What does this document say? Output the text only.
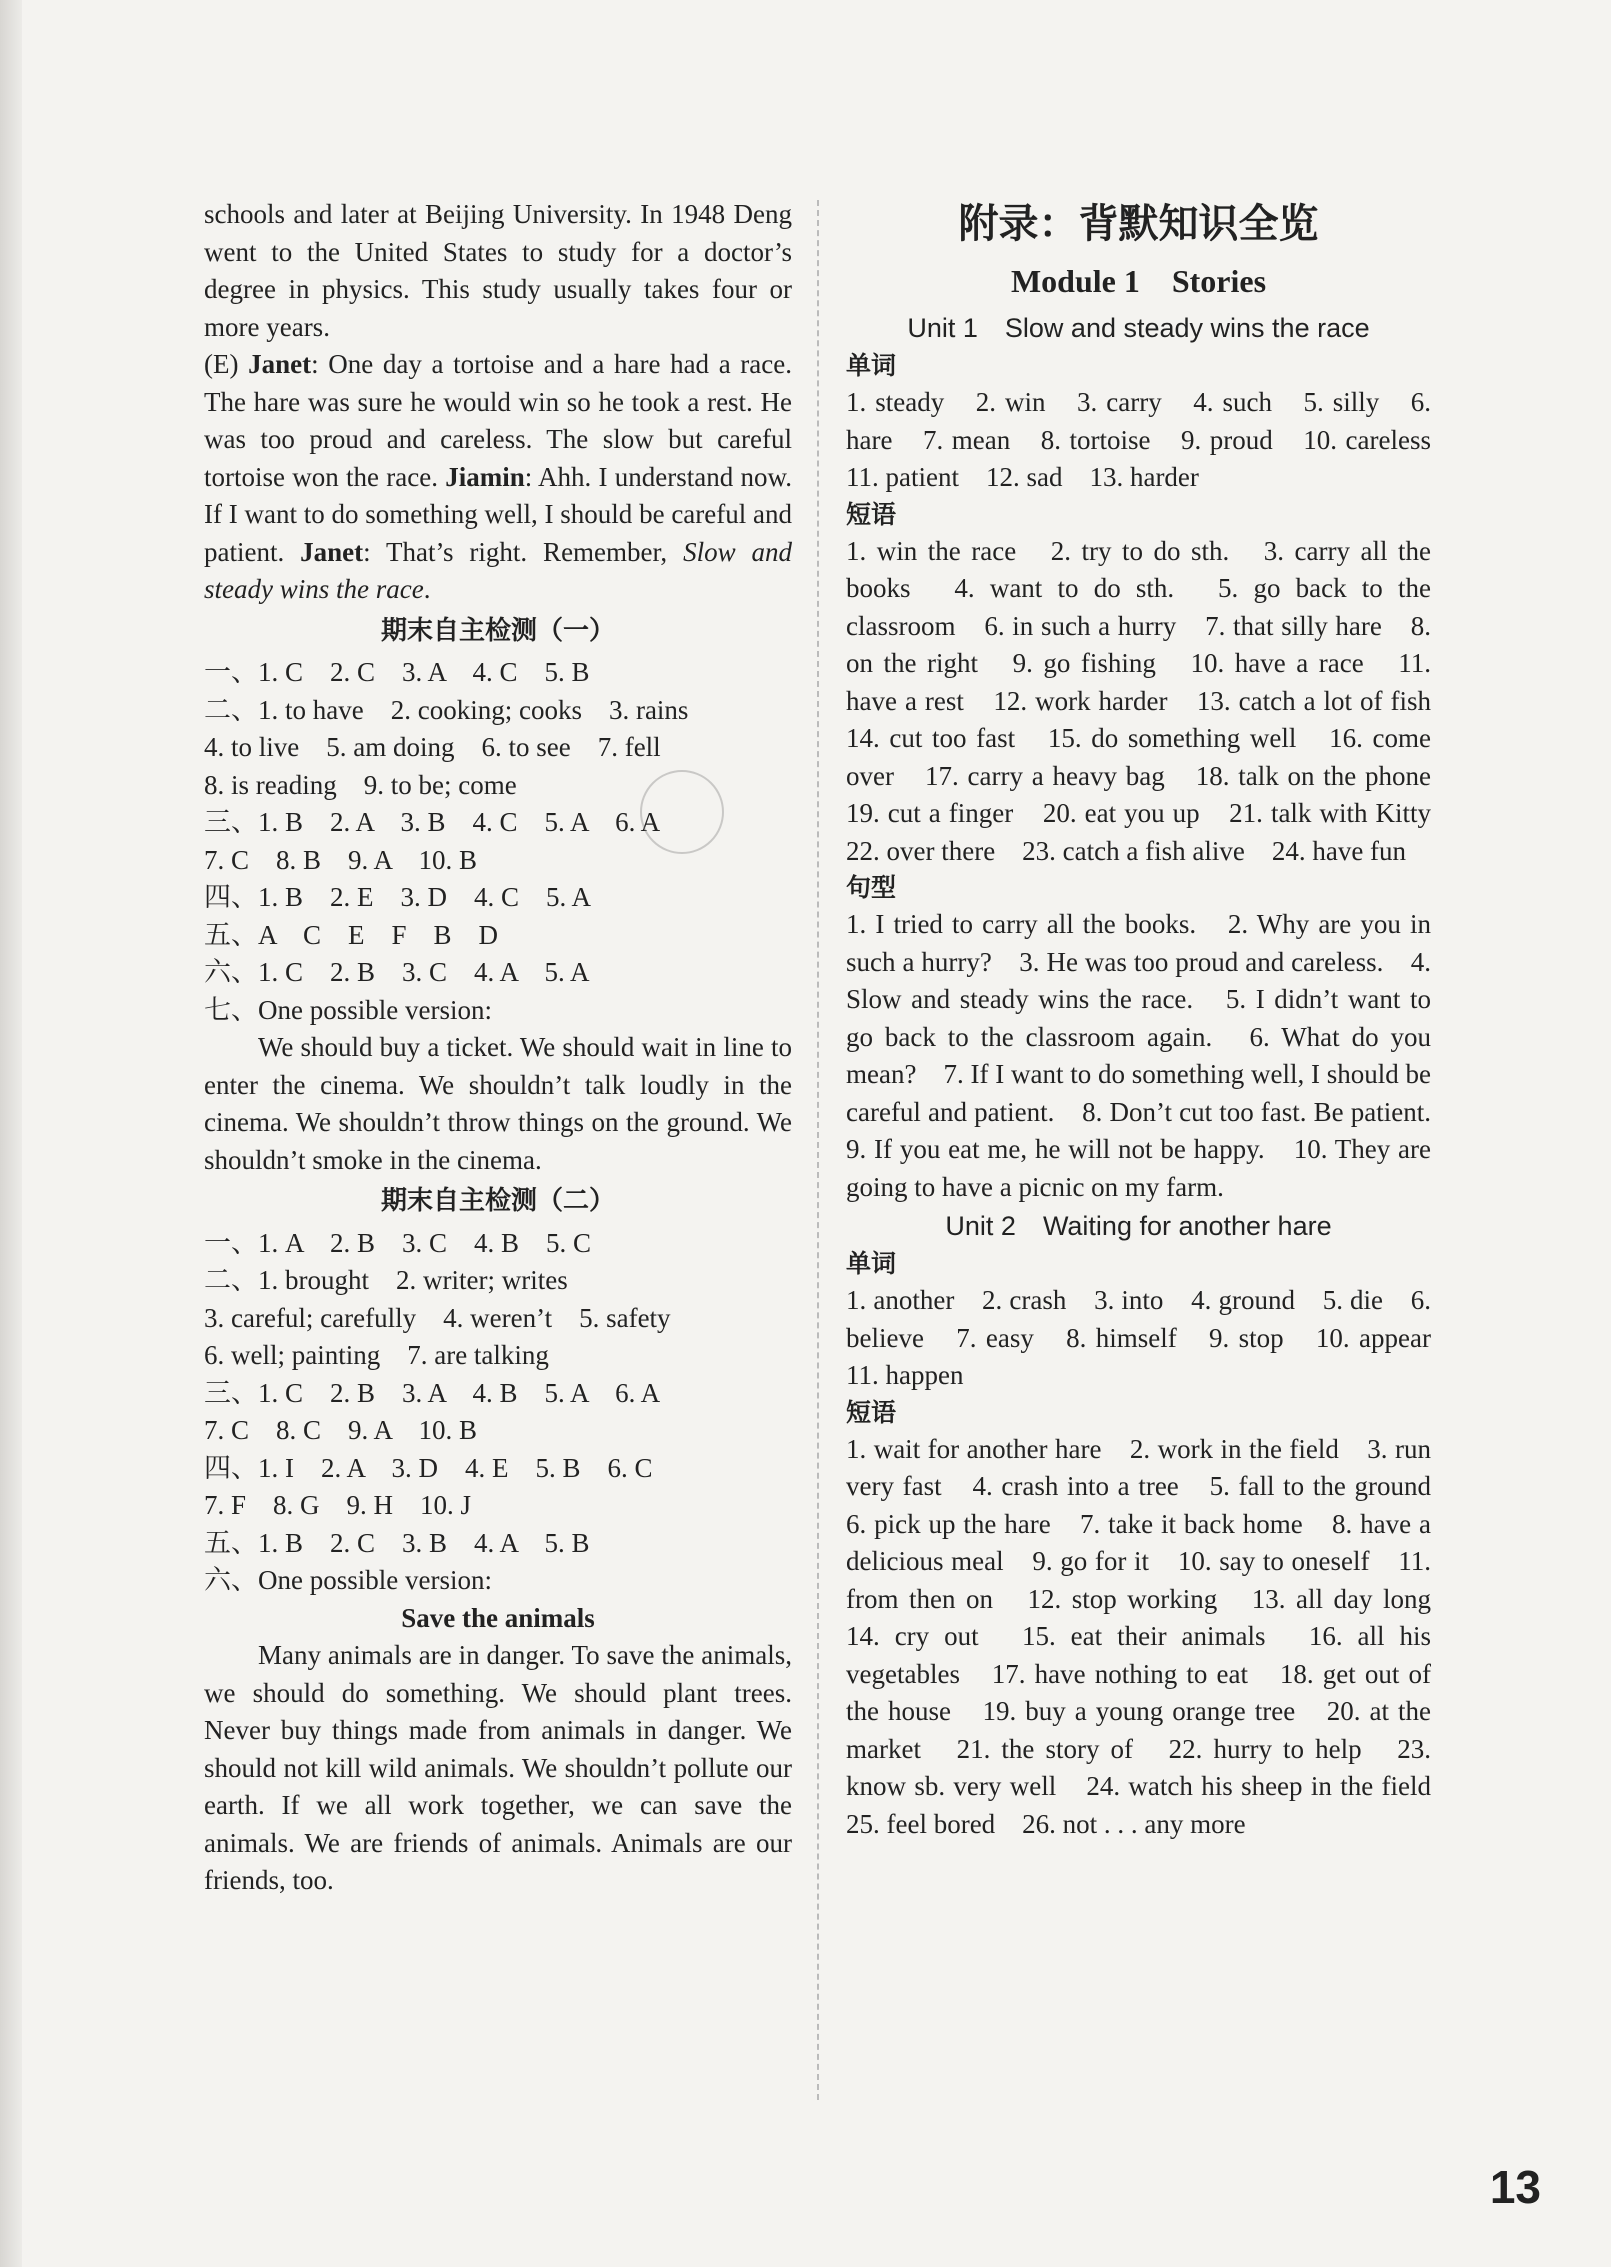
schools and later at Beijing University. In 1948 Deng went to the United States to study for a doctor’s degree in physics. This study usually takes four or more years.

(E) Janet: One day a tortoise and a hare had a race. The hare was sure he would win so he took a rest. He was too proud and careless. The slow but careful tortoise won the race. Jiamin: Ahh. I understand now. If I want to do something well, I should be careful and patient. Janet: That’s right. Remember, Slow and steady wins the race.

期末自主检测（一）
一、1. C　2. C　3. A　4. C　5. B
二、1. to have　2. cooking; cooks　3. rains
4. to live　5. am doing　6. to see　7. fell
8. is reading　9. to be; come
三、1. B　2. A　3. B　4. C　5. A　6. A
7. C　8. B　9. A　10. B
四、1. B　2. E　3. D　4. C　5. A
五、A　C　E　F　B　D
六、1. C　2. B　3. C　4. A　5. A
七、One possible version:

We should buy a ticket. We should wait in line to enter the cinema. We shouldn’t talk loudly in the cinema. We shouldn’t throw things on the ground. We shouldn’t smoke in the cinema.

期末自主检测（二）
一、1. A　2. B　3. C　4. B　5. C
二、1. brought　2. writer; writes
3. careful; carefully　4. weren’t　5. safety
6. well; painting　7. are talking
三、1. C　2. B　3. A　4. B　5. A　6. A
7. C　8. C　9. A　10. B
四、1. I　2. A　3. D　4. E　5. B　6. C
7. F　8. G　9. H　10. J
五、1. B　2. C　3. B　4. A　5. B
六、One possible version:

Save the animals

Many animals are in danger. To save the animals, we should do something. We should plant trees. Never buy things made from animals in danger. We should not kill wild animals. We shouldn’t pollute our earth. If we all work together, we can save the animals. We are friends of animals. Animals are our friends, too.

附录：背默知识全览
Module 1　Stories
Unit 1　Slow and steady wins the race
单词

1. steady　2. win　3. carry　4. such　5. silly　6. hare　7. mean　8. tortoise　9. proud　10. careless　11. patient　12. sad　13. harder

短语

1. win the race　2. try to do sth.　3. carry all the books　4. want to do sth.　5. go back to the classroom　6. in such a hurry　7. that silly hare　8. on the right　9. go fishing　10. have a race　11. have a rest　12. work harder　13. catch a lot of fish　14. cut too fast　15. do something well　16. come over　17. carry a heavy bag　18. talk on the phone　19. cut a finger　20. eat you up　21. talk with Kitty　22. over there　23. catch a fish alive　24. have fun

句型

1. I tried to carry all the books.　2. Why are you in such a hurry?　3. He was too proud and careless.　4. Slow and steady wins the race.　5. I didn’t want to go back to the classroom again.　6. What do you mean?　7. If I want to do something well, I should be careful and patient.　8. Don’t cut too fast. Be patient.　9. If you eat me, he will not be happy.　10. They are going to have a picnic on my farm.

Unit 2　Waiting for another hare
单词

1. another　2. crash　3. into　4. ground　5. die　6. believe　7. easy　8. himself　9. stop　10. appear　11. happen

短语

1. wait for another hare　2. work in the field　3. run very fast　4. crash into a tree　5. fall to the ground　6. pick up the hare　7. take it back home　8. have a delicious meal　9. go for it　10. say to oneself　11. from then on　12. stop working　13. all day long　14. cry out　15. eat their animals　16. all his vegetables　17. have nothing to eat　18. get out of the house　19. buy a young orange tree　20. at the market　21. the story of　22. hurry to help　23. know sb. very well　24. watch his sheep in the field　25. feel bored　26. not . . . any more

13
